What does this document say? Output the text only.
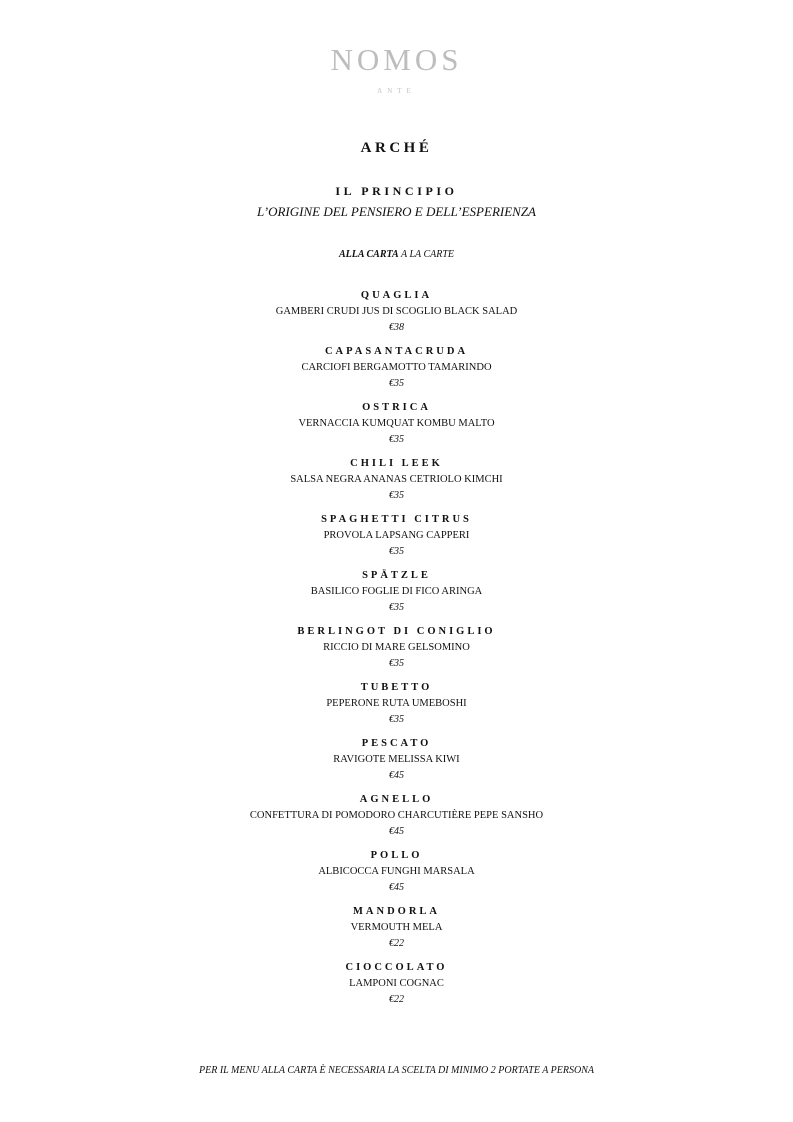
NOMOS
ANTE
ARCHÉ
IL PRINCIPIO
L’ORIGINE DEL PENSIERO E DELL’ESPERIENZA
ALLA CARTA A LA CARTE
QUAGLIA
GAMBERI CRUDI JUS DI SCOGLIO BLACK SALAD
€38
CAPASANTACRUDA
CARCIOFI BERGAMOTTO TAMARINDO
€35
OSTRICA
VERNACCIA KUMQUAT KOMBU MALTO
€35
CHILI LEEK
SALSA NEGRA ANANAS CETRIOLO KIMCHI
€35
SPAGHETTI CITRUS
PROVOLA LAPSANG CAPPERI
€35
SPÄTZLE
BASILICO FOGLIE DI FICO ARINGA
€35
BERLINGOT DI CONIGLIO
RICCIO DI MARE GELSOMINO
€35
TUBETTO
PEPERONE RUTA UMEBOSHI
€35
PESCATO
RAVIGOTE MELISSA KIWI
€45
AGNELLO
CONFETTURA DI POMODORO CHARCUTIÈRE PEPE SANSHO
€45
POLLO
ALBICOCCA FUNGHI MARSALA
€45
MANDORLA
VERMOUTH MELA
€22
CIOCCOLATO
LAMPONI COGNAC
€22
PER IL MENU ALLA CARTA È NECESSARIA LA SCELTA DI MINIMO 2 PORTATE A PERSONA
